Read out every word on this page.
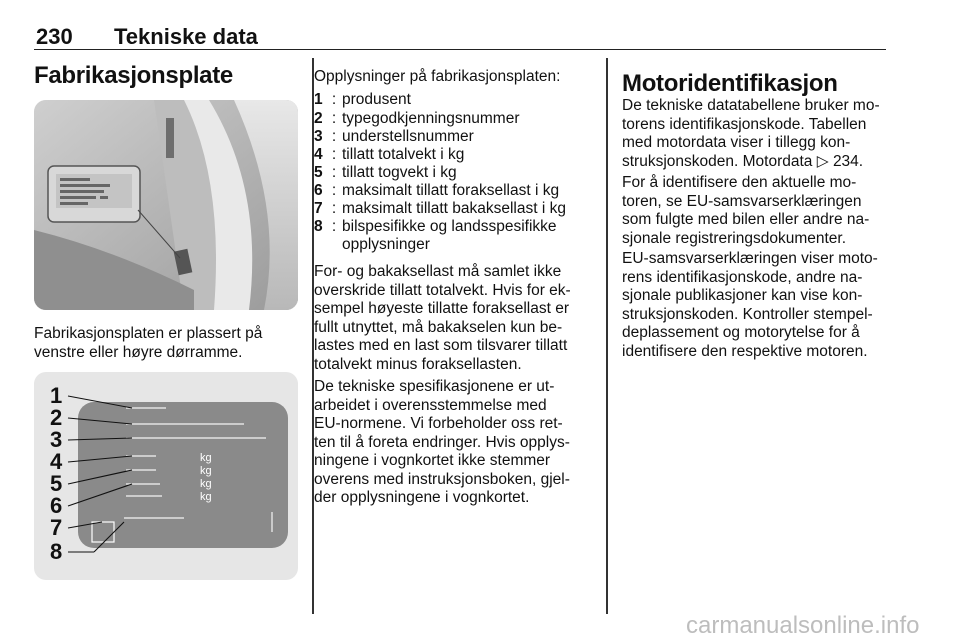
230 Tekniske data
Fabrikasjonsplate
Fabrikasjonsplaten er plassert på
venstre eller høyre dørramme.
1
2
3
4
5
6
7
8
kg
kg
kg
kg
Opplysninger på fabrikasjonsplaten:
1 : produsent
2 : typegodkjenningsnummer
3 : understellsnummer
4 : tillatt totalvekt i kg
5 : tillatt togvekt i kg
6 : maksimalt tillatt foraksellast i kg
7 : maksimalt tillatt bakaksellast i kg
8 : bilspesifikke og landsspesifikke
opplysninger
For- og bakaksellast må samlet ikke
overskride tillatt totalvekt. Hvis for ek-
sempel høyeste tillatte foraksellast er
fullt utnyttet, må bakakselen kun be-
lastes med en last som tilsvarer tillatt
totalvekt minus foraksellasten.
De tekniske spesifikasjonene er ut-
arbeidet i overensstemmelse med
EU-normene. Vi forbeholder oss ret-
ten til å foreta endringer. Hvis opplys-
ningene i vognkortet ikke stemmer
overens med instruksjonsboken, gjel-
der opplysningene i vognkortet.
Motoridentifikasjon
De tekniske datatabellene bruker mo-
torens identifikasjonskode. Tabellen
med motordata viser i tillegg kon-
struksjonskoden. Motordata ▷ 234.
For å identifisere den aktuelle mo-
toren, se EU-samsvarserklæringen
som fulgte med bilen eller andre na-
sjonale registreringsdokumenter.
EU-samsvarserklæringen viser moto-
rens identifikasjonskode, andre na-
sjonale publikasjoner kan vise kon-
struksjonskoden. Kontroller stempel-
deplassement og motorytelse for å
identifisere den respektive motoren.
carmanualsonline.info
